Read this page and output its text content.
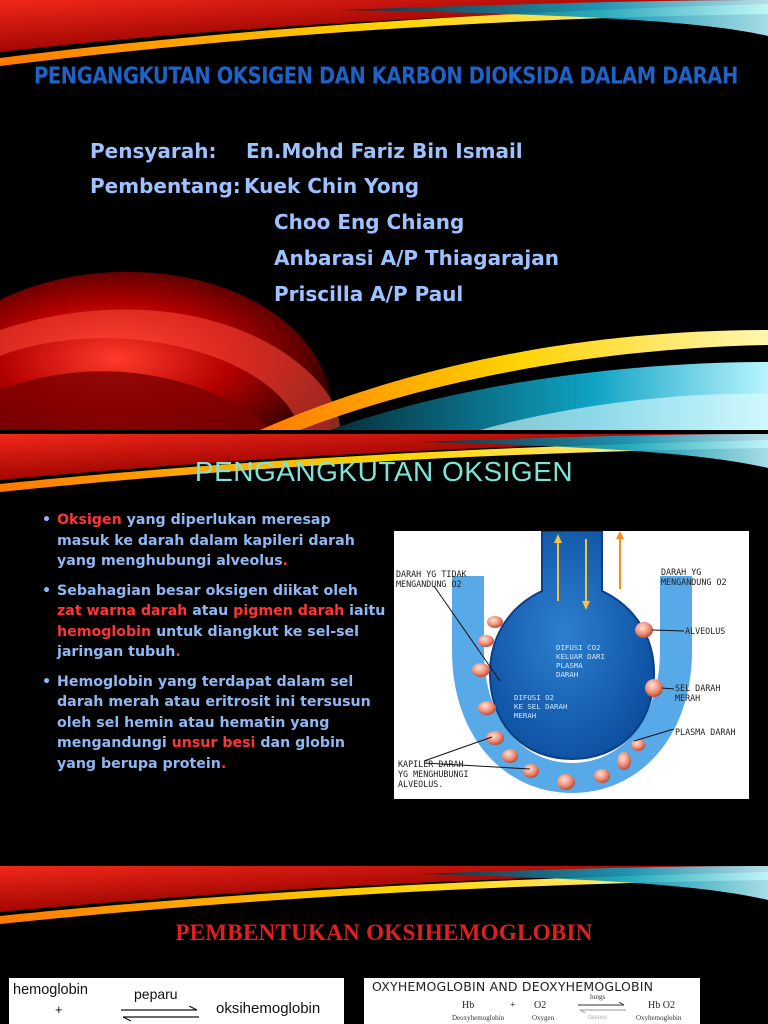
PENGANGKUTAN OKSIGEN DAN KARBON DIOKSIDA DALAM DARAH
Pensyarah: En.Mohd Fariz Bin Ismail
Pembentang: Kuek Chin Yong
Choo Eng Chiang
Anbarasi A/P Thiagarajan
Priscilla A/P Paul
PENGANGKUTAN OKSIGEN
• Oksigen yang diperlukan meresap masuk ke darah dalam kapileri darah yang menghubungi alveolus.
• Sebahagian besar oksigen diikat oleh zat warna darah atau pigmen darah iaitu hemoglobin untuk diangkut ke sel-sel jaringan tubuh.
• Hemoglobin yang terdapat dalam sel darah merah atau eritrosit ini tersusun oleh sel hemin atau hematin yang mengandungi unsur besi dan globin yang berupa protein.
DARAH YG TIDAK
MENGANDUNG O2
DARAH YG
MENGANDUNG O2
ALVEOLUS
SEL DARAH
MERAH
PLASMA DARAH
KAPILER DARAH
YG MENGHUBUNGI
ALVEOLUS.
DIFUSI CO2
KELUAR DARI
PLASMA
DARAH
DIFUSI O2
KE SEL DARAH
MERAH
PEMBENTUKAN OKSIHEMOGLOBIN
hemoglobin
+
peparu
oksihemoglobin
OXYHEMOGLOBIN AND DEOXYHEMOGLOBIN
Hb	+ O2
lungs
tissues
Hb O2
Deoxyhemoglobin	Oxygen	Oxyhemoglobin
